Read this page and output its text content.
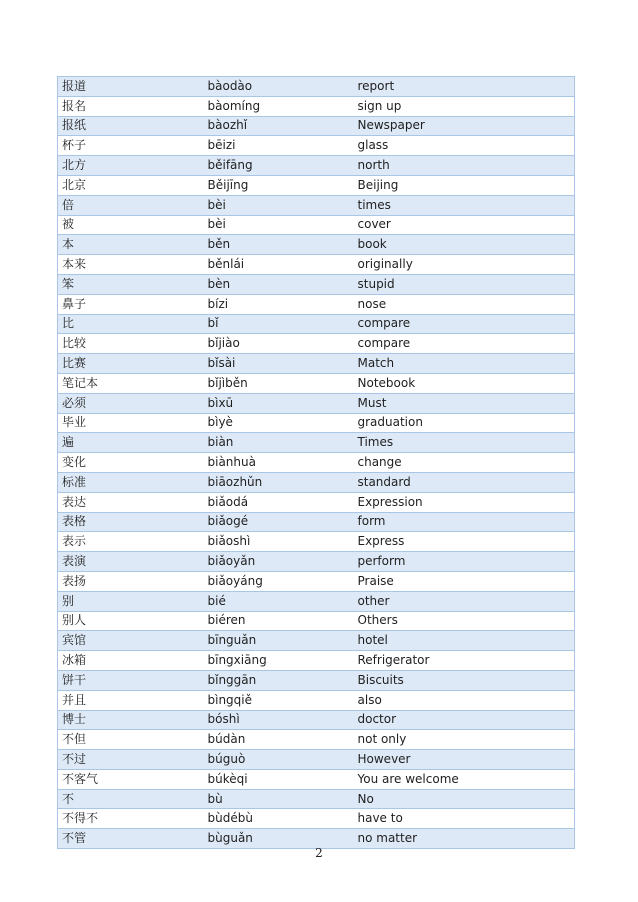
报道	bàodào	report
报名	bàomíng	sign up
报纸	bàozhǐ	Newspaper
杯子	bēizi	glass
北方	běifāng	north
北京	Běijīng	Beijing
倍	bèi	times
被	bèi	cover
本	běn	book
本来	běnlái	originally
笨	bèn	stupid
鼻子	bízi	nose
比	bǐ	compare
比较	bǐjiào	compare
比赛	bǐsài	Match
笔记本	bǐjìběn	Notebook
必须	bìxū	Must
毕业	bìyè	graduation
遍	biàn	Times
变化	biànhuà	change
标准	biāozhǔn	standard
表达	biǎodá	Expression
表格	biǎogé	form
表示	biǎoshì	Express
表演	biǎoyǎn	perform
表扬	biǎoyáng	Praise
别	bié	other
别人	biéren	Others
宾馆	bīnguǎn	hotel
冰箱	bīngxiāng	Refrigerator
饼干	bǐnggān	Biscuits
并且	bìngqiě	also
博士	bóshì	doctor
不但	búdàn	not only
不过	búguò	However
不客气	búkèqi	You are welcome
不	bù	No
不得不	bùdébù	have to
不管	bùguǎn	no matter
2
